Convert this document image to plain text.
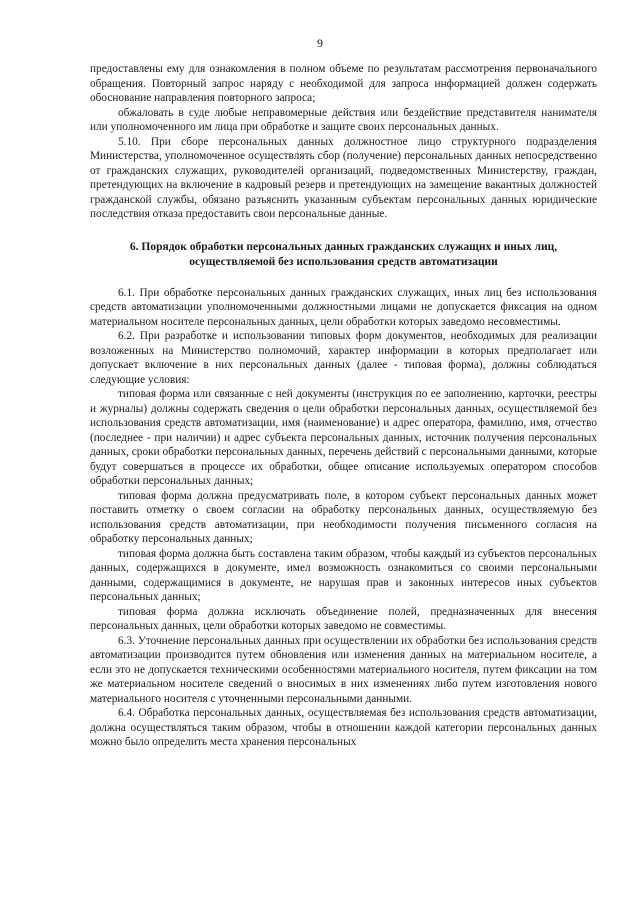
9

предоставлены ему для ознакомления в полном объеме по результатам рассмотрения первоначального обращения. Повторный запрос наряду с необходимой для запроса информацией должен содержать обоснование направления повторного запроса;

обжаловать в суде любые неправомерные действия или бездействие представителя нанимателя или уполномоченного им лица при обработке и защите своих персональных данных.

5.10. При сборе персональных данных должностное лицо структурного подразделения Министерства, уполномоченное осуществлять сбор (получение) персональных данных непосредственно от гражданских служащих, руководителей организаций, подведомственных Министерству, граждан, претендующих на включение в кадровый резерв и претендующих на замещение вакантных должностей гражданской службы, обязано разъяснить указанным субъектам персональных данных юридические последствия отказа предоставить свои персональные данные.

6. Порядок обработки персональных данных гражданских служащих и иных лиц, осуществляемой без использования средств автоматизации

6.1. При обработке персональных данных гражданских служащих, иных лиц без использования средств автоматизации уполномоченными должностными лицами не допускается фиксация на одном материальном носителе персональных данных, цели обработки которых заведомо несовместимы.

6.2. При разработке и использовании типовых форм документов, необходимых для реализации возложенных на Министерство полномочий, характер информации в которых предполагает или допускает включение в них персональных данных (далее - типовая форма), должны соблюдаться следующие условия:

типовая форма или связанные с ней документы (инструкция по ее заполнению, карточки, реестры и журналы) должны содержать сведения о цели обработки персональных данных, осуществляемой без использования средств автоматизации, имя (наименование) и адрес оператора, фамилию, имя, отчество (последнее - при наличии) и адрес субъекта персональных данных, источник получения персональных данных, сроки обработки персональных данных, перечень действий с персональными данными, которые будут совершаться в процессе их обработки, общее описание используемых оператором способов обработки персональных данных;

типовая форма должна предусматривать поле, в котором субъект персональных данных может поставить отметку о своем согласии на обработку персональных данных, осуществляемую без использования средств автоматизации, при необходимости получения письменного согласия на обработку персональных данных;

типовая форма должна быть составлена таким образом, чтобы каждый из субъектов персональных данных, содержащихся в документе, имел возможность ознакомиться со своими персональными данными, содержащимися в документе, не нарушая прав и законных интересов иных субъектов персональных данных;

типовая форма должна исключать объединение полей, предназначенных для внесения персональных данных, цели обработки которых заведомо не совместимы.

6.3. Уточнение персональных данных при осуществлении их обработки без использования средств автоматизации производится путем обновления или изменения данных на материальном носителе, а если это не допускается техническими особенностями материального носителя, путем фиксации на том же материальном носителе сведений о вносимых в них изменениях либо путем изготовления нового материального носителя с уточненными персональными данными.

6.4. Обработка персональных данных, осуществляемая без использования средств автоматизации, должна осуществляться таким образом, чтобы в отношении каждой категории персональных данных можно было определить места хранения персональных
